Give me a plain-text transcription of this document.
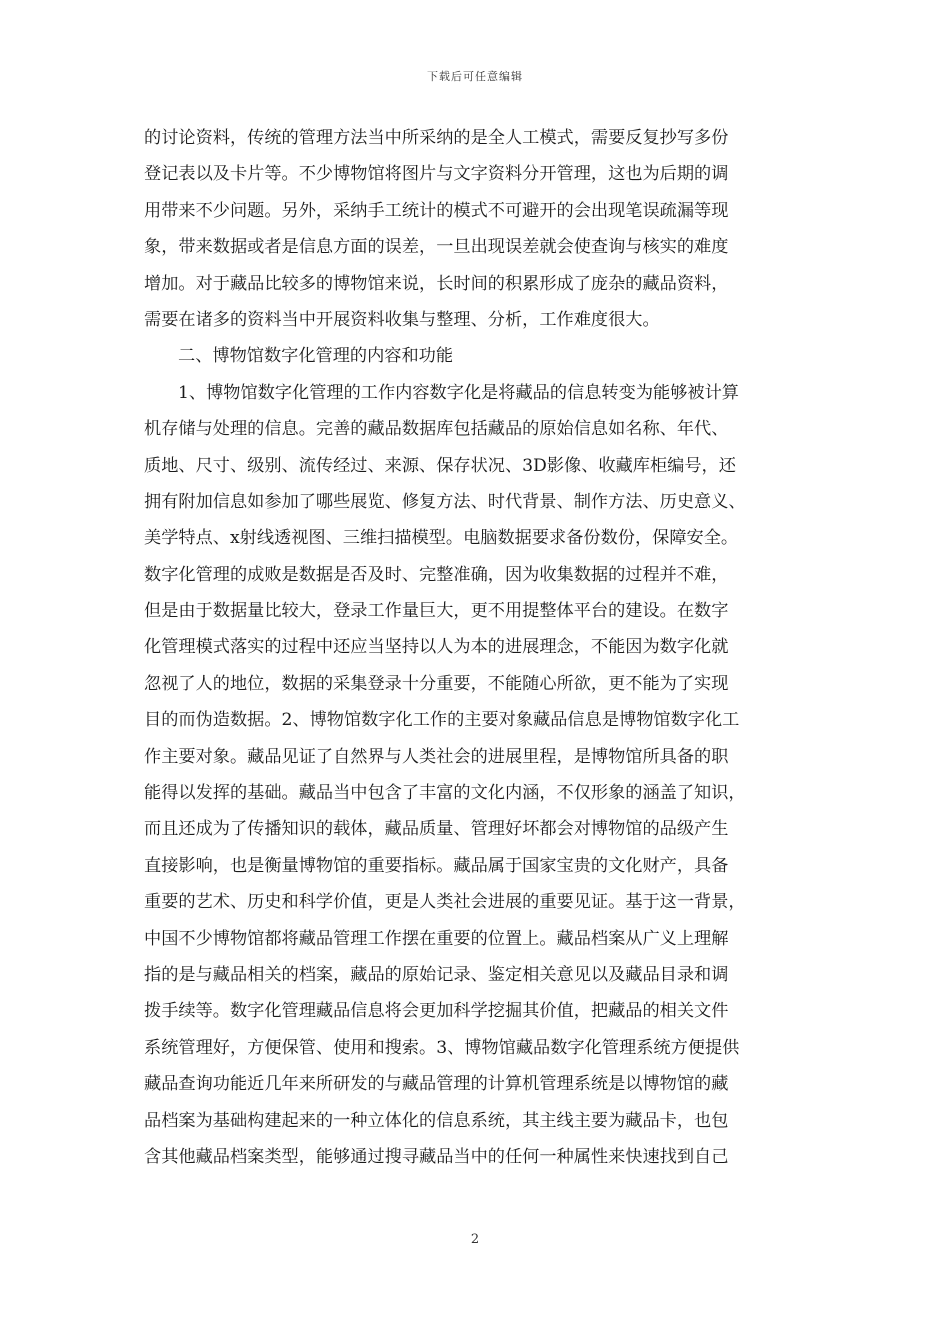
下载后可任意编辑
的讨论资料，传统的管理方法当中所采纳的是全人工模式，需要反复抄写多份
登记表以及卡片等。不少博物馆将图片与文字资料分开管理，这也为后期的调
用带来不少问题。另外，采纳手工统计的模式不可避开的会出现笔误疏漏等现
象，带来数据或者是信息方面的误差，一旦出现误差就会使查询与核实的难度
增加。对于藏品比较多的博物馆来说，长时间的积累形成了庞杂的藏品资料，
需要在诸多的资料当中开展资料收集与整理、分析，工作难度很大。
二、博物馆数字化管理的内容和功能
1、博物馆数字化管理的工作内容数字化是将藏品的信息转变为能够被计算
机存储与处理的信息。完善的藏品数据库包括藏品的原始信息如名称、年代、
质地、尺寸、级别、流传经过、来源、保存状况、3D影像、收藏库柜编号，还
拥有附加信息如参加了哪些展览、修复方法、时代背景、制作方法、历史意义、
美学特点、x射线透视图、三维扫描模型。电脑数据要求备份数份，保障安全。
数字化管理的成败是数据是否及时、完整准确，因为收集数据的过程并不难，
但是由于数据量比较大，登录工作量巨大，更不用提整体平台的建设。在数字
化管理模式落实的过程中还应当坚持以人为本的进展理念，不能因为数字化就
忽视了人的地位，数据的采集登录十分重要，不能随心所欲，更不能为了实现
目的而伪造数据。2、博物馆数字化工作的主要对象藏品信息是博物馆数字化工
作主要对象。藏品见证了自然界与人类社会的进展里程，是博物馆所具备的职
能得以发挥的基础。藏品当中包含了丰富的文化内涵，不仅形象的涵盖了知识，
而且还成为了传播知识的载体，藏品质量、管理好坏都会对博物馆的品级产生
直接影响，也是衡量博物馆的重要指标。藏品属于国家宝贵的文化财产，具备
重要的艺术、历史和科学价值，更是人类社会进展的重要见证。基于这一背景，
中国不少博物馆都将藏品管理工作摆在重要的位置上。藏品档案从广义上理解
指的是与藏品相关的档案，藏品的原始记录、鉴定相关意见以及藏品目录和调
拨手续等。数字化管理藏品信息将会更加科学挖掘其价值，把藏品的相关文件
系统管理好，方便保管、使用和搜索。3、博物馆藏品数字化管理系统方便提供
藏品查询功能近几年来所研发的与藏品管理的计算机管理系统是以博物馆的藏
品档案为基础构建起来的一种立体化的信息系统，其主线主要为藏品卡，也包
含其他藏品档案类型，能够通过搜寻藏品当中的任何一种属性来快速找到自己
2
